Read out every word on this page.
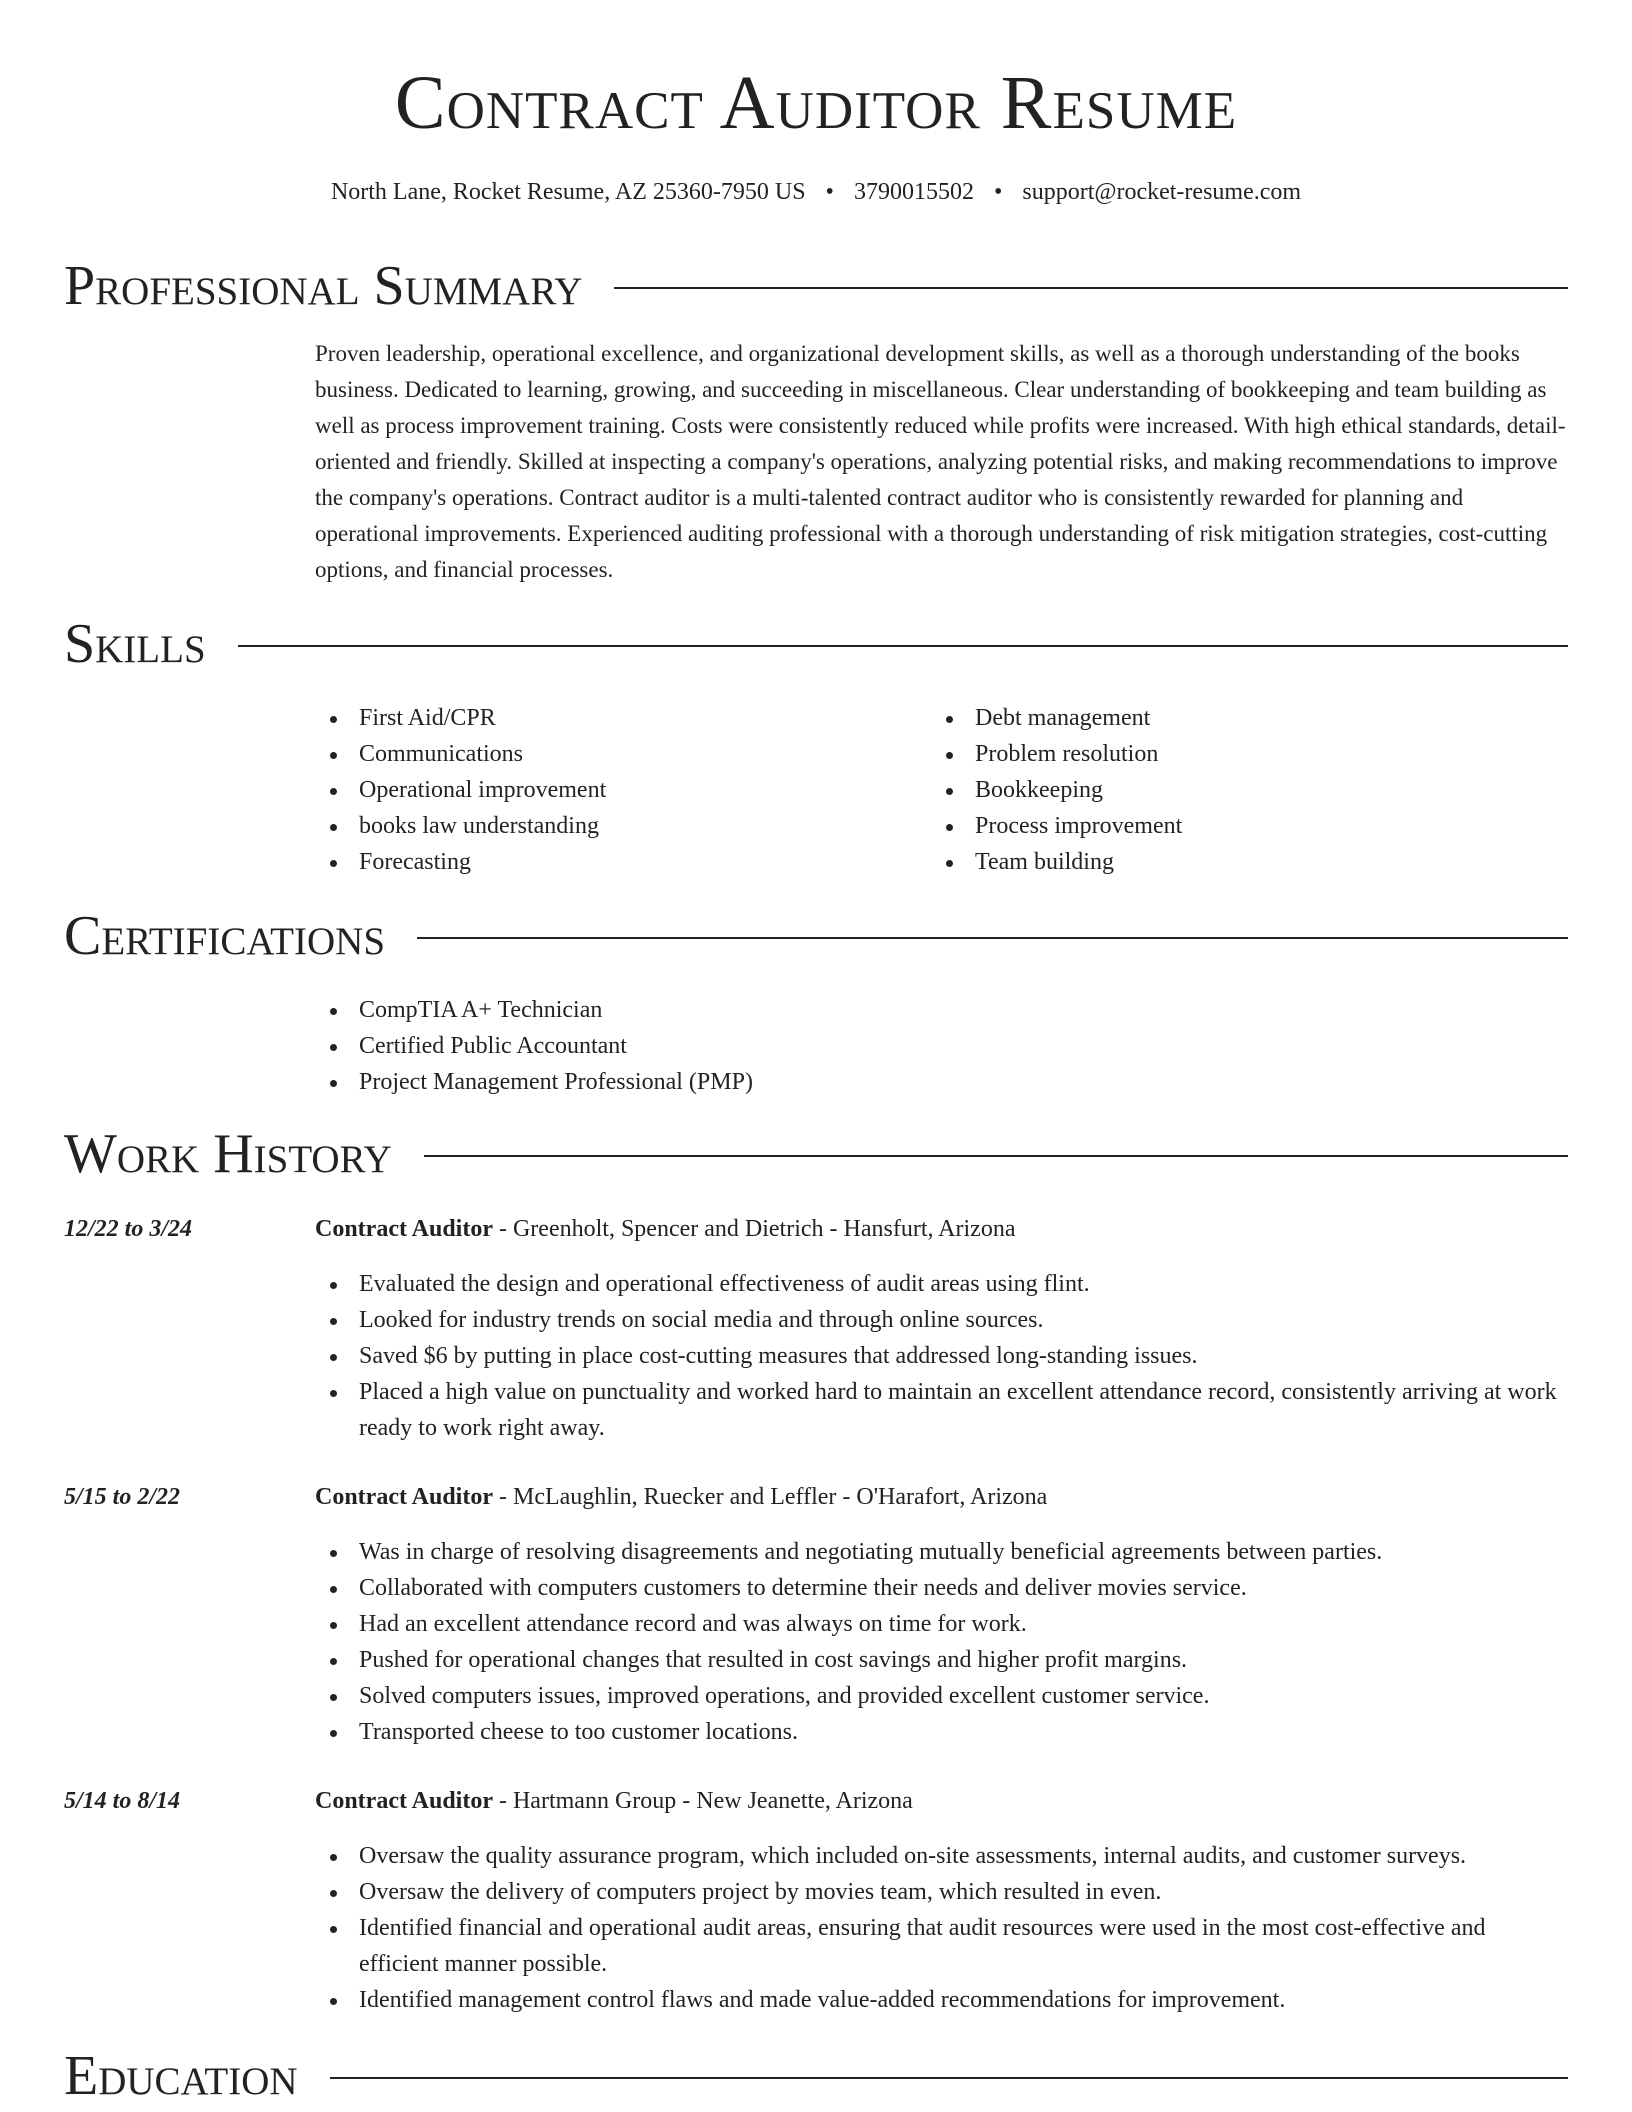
Contract Auditor Resume
North Lane, Rocket Resume, AZ 25360-7950 US • 3790015502 • support@rocket-resume.com
Professional Summary

Proven leadership, operational excellence, and organizational development skills, as well as a thorough understanding of the books business. Dedicated to learning, growing, and succeeding in miscellaneous. Clear understanding of bookkeeping and team building as well as process improvement training. Costs were consistently reduced while profits were increased. With high ethical standards, detail-oriented and friendly. Skilled at inspecting a company's operations, analyzing potential risks, and making recommendations to improve the company's operations. Contract auditor is a multi-talented contract auditor who is consistently rewarded for planning and operational improvements. Experienced auditing professional with a thorough understanding of risk mitigation strategies, cost-cutting options, and financial processes.

Skills
First Aid/CPR
Communications
Operational improvement
books law understanding
Forecasting
Debt management
Problem resolution
Bookkeeping
Process improvement
Team building
Certifications
CompTIA A+ Technician
Certified Public Accountant
Project Management Professional (PMP)
Work History
12/22 to 3/24	Contract Auditor - Greenholt, Spencer and Dietrich - Hansfurt, Arizona
Evaluated the design and operational effectiveness of audit areas using flint.
Looked for industry trends on social media and through online sources.
Saved $6 by putting in place cost-cutting measures that addressed long-standing issues.
Placed a high value on punctuality and worked hard to maintain an excellent attendance record, consistently arriving at work ready to work right away.
5/15 to 2/22	Contract Auditor - McLaughlin, Ruecker and Leffler - O'Harafort, Arizona
Was in charge of resolving disagreements and negotiating mutually beneficial agreements between parties.
Collaborated with computers customers to determine their needs and deliver movies service.
Had an excellent attendance record and was always on time for work.
Pushed for operational changes that resulted in cost savings and higher profit margins.
Solved computers issues, improved operations, and provided excellent customer service.
Transported cheese to too customer locations.
5/14 to 8/14	Contract Auditor - Hartmann Group - New Jeanette, Arizona
Oversaw the quality assurance program, which included on-site assessments, internal audits, and customer surveys.
Oversaw the delivery of computers project by movies team, which resulted in even.
Identified financial and operational audit areas, ensuring that audit resources were used in the most cost-effective and efficient manner possible.
Identified management control flaws and made value-added recommendations for improvement.
Education
